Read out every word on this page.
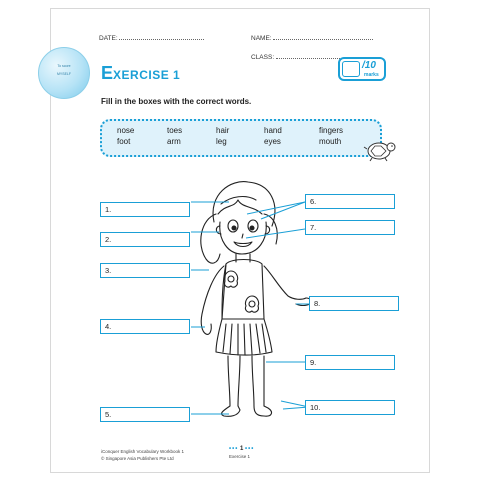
DATE:	NAME:
CLASS:
To score
MYSELF	EXERCISE 1
/10
marks
Fill in the boxes with the correct words.
nose	toes	hair	hand	fingers
foot	arm	leg	eyes	mouth
1.
2.
3.
4.
5.
6.
7.
8.
9.
10.
iConquer English Vocabulary Workbook 1
© Singapore Asia Publishers Pte Ltd
••• 1 •••
Exercise 1
